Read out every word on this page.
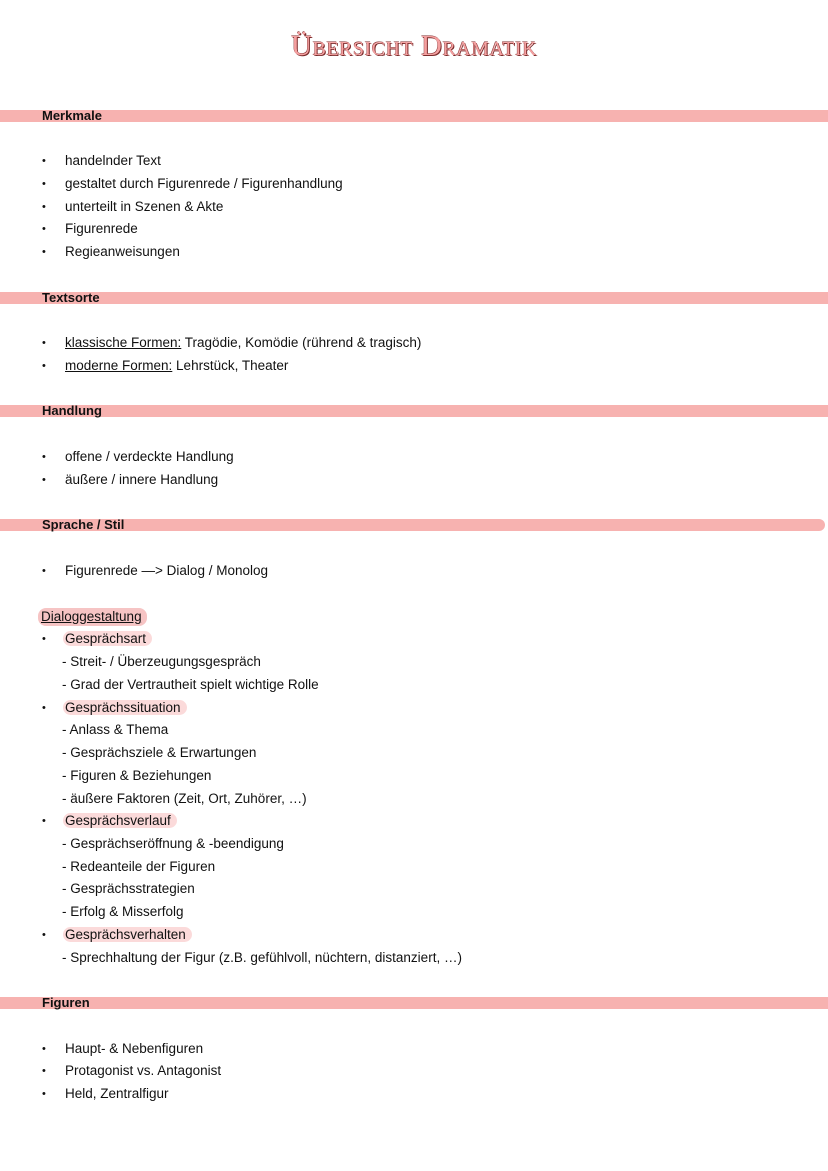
Übersicht Dramatik
Merkmale
• handelnder Text
• gestaltet durch Figurenrede / Figurenhandlung
• unterteilt in Szenen & Akte
• Figurenrede
• Regieanweisungen
Textsorte
• klassische Formen: Tragödie, Komödie (rührend & tragisch)
• moderne Formen: Lehrstück, Theater
Handlung
• offene / verdeckte Handlung
• äußere / innere Handlung
Sprache / Stil
• Figurenrede —> Dialog / Monolog
Dialoggestaltung
• Gesprächsart
- Streit- / Überzeugungsgespräch
- Grad der Vertrautheit spielt wichtige Rolle
• Gesprächssituation
- Anlass & Thema
- Gesprächsziele & Erwartungen
- Figuren & Beziehungen
- äußere Faktoren (Zeit, Ort, Zuhörer, …)
• Gesprächsverlauf
- Gesprächseröffnung & -beendigung
- Redeanteile der Figuren
- Gesprächsstrategien
- Erfolg & Misserfolg
• Gesprächsverhalten
- Sprechhaltung der Figur (z.B. gefühlvoll, nüchtern, distanziert, …)
Figuren
• Haupt- & Nebenfiguren
• Protagonist vs. Antagonist
• Held, Zentralfigur
